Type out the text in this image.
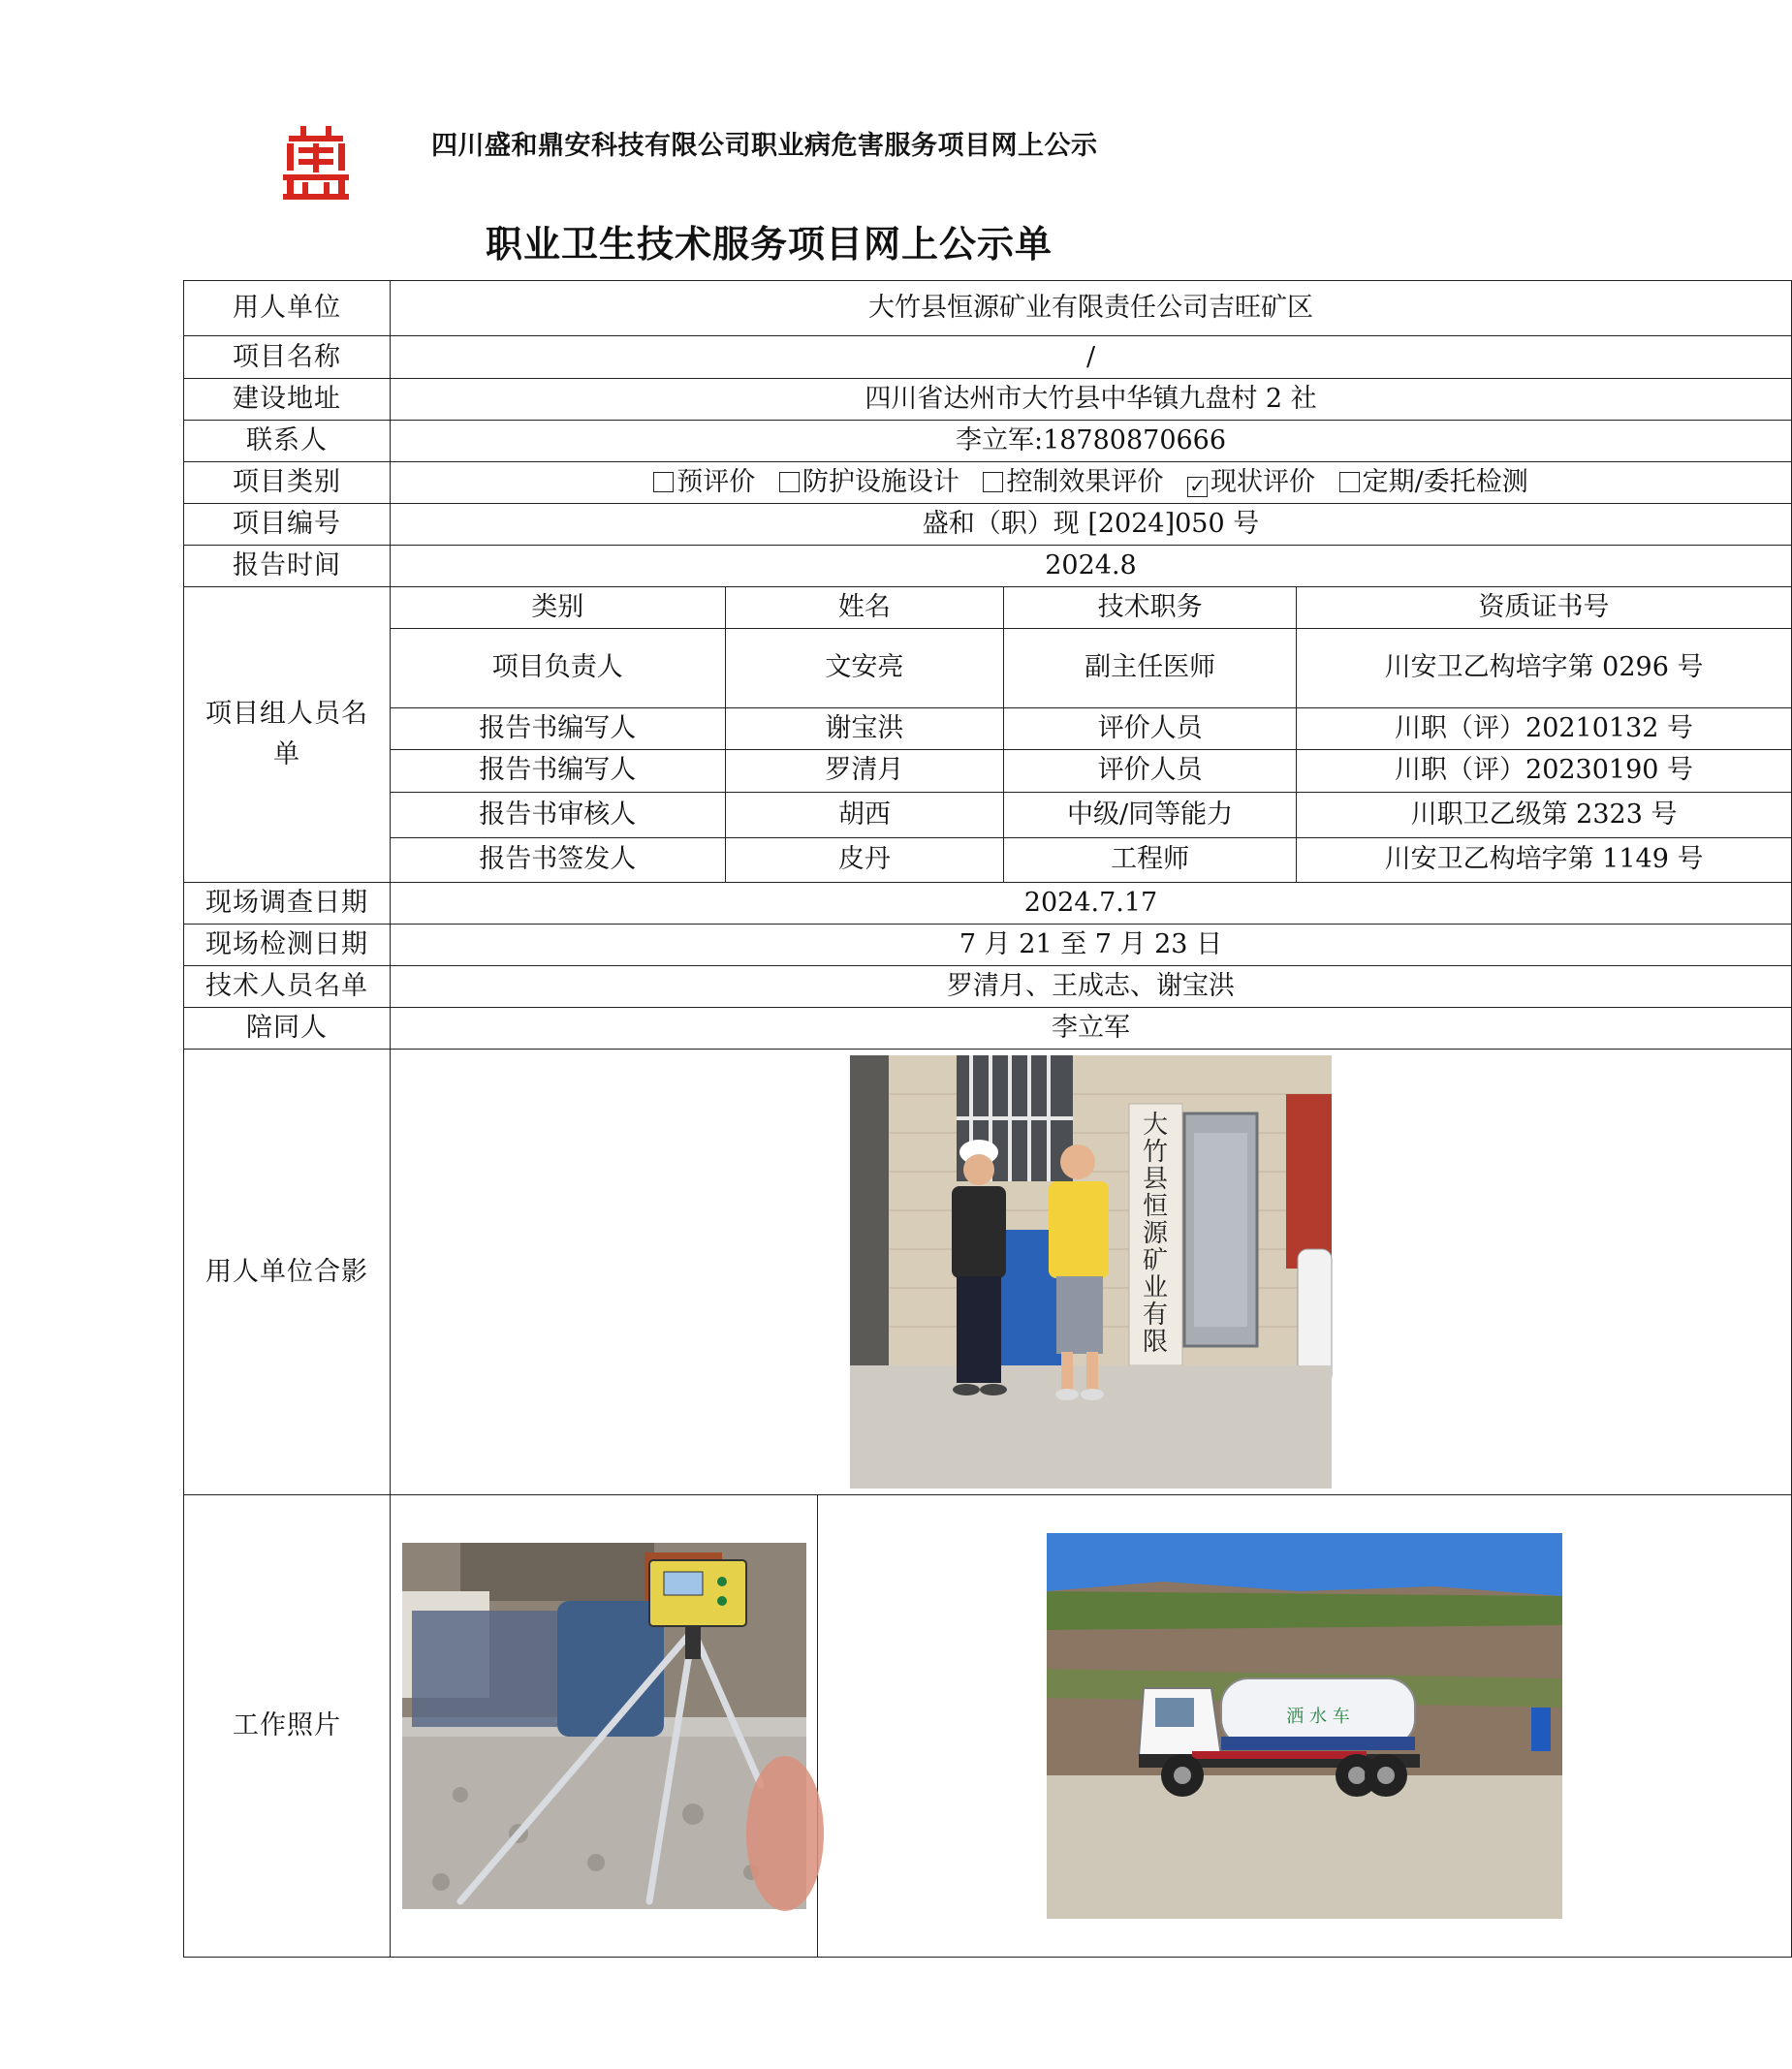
四川盛和鼎安科技有限公司职业病危害服务项目网上公示
职业卫生技术服务项目网上公示单
用人单位	大竹县恒源矿业有限责任公司吉旺矿区
项目名称	/
建设地址	四川省达州市大竹县中华镇九盘村 2 社
联系人	李立军:18780870666
项目类别	预评价 防护设施设计 控制效果评价 ✓ 现状评价 定期/委托检测
项目编号	盛和（职）现 [2024]050 号
报告时间	2024.8
项目组人员名单	
类别	姓名	技术职务	资质证书号
项目负责人	文安亮	副主任医师	川安卫乙构培字第 0296 号
报告书编写人	谢宝洪	评价人员	川职（评）20210132 号
报告书编写人	罗清月	评价人员	川职（评）20230190 号
报告书审核人	胡西	中级/同等能力	川职卫乙级第 2323 号
报告书签发人	皮丹	工程师	川安卫乙构培字第 1149 号

现场调查日期	2024.7.17
现场检测日期	7 月 21 至 7 月 23 日
技术人员名单	罗清月、王成志、谢宝洪
陪同人	李立军
用人单位合影	
大
竹
县
恒
源
矿
业
有
限

工作照片		洒 水 车
